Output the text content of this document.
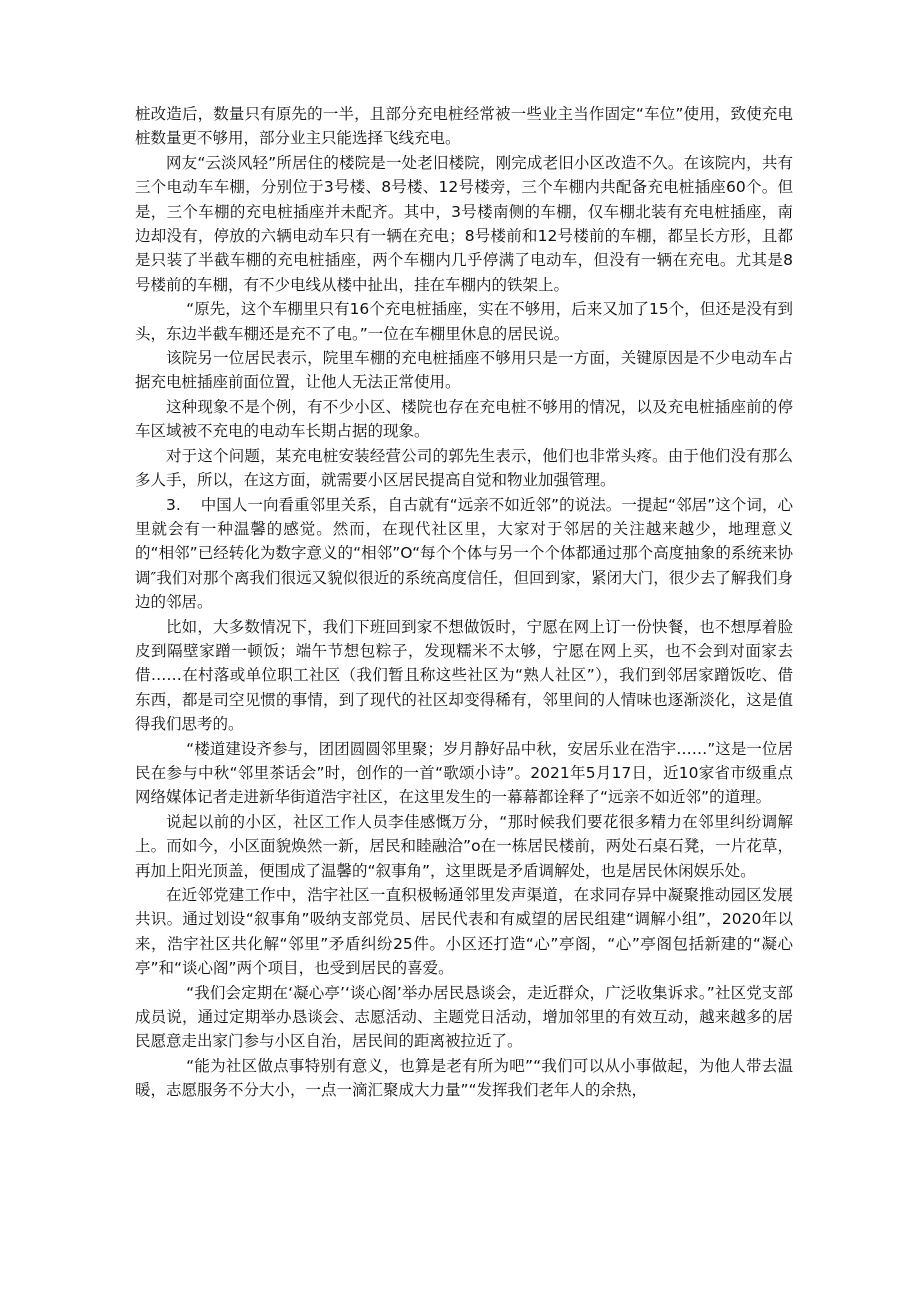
桩改造后，数量只有原先的一半，且部分充电桩经常被一些业主当作固定“车位”使用，致使充电桩数量更不够用，部分业主只能选择飞线充电。

网友“云淡风轻”所居住的楼院是一处老旧楼院，刚完成老旧小区改造不久。在该院内，共有三个电动车车棚，分别位于3号楼、8号楼、12号楼旁，三个车棚内共配备充电桩插座60个。但是，三个车棚的充电桩插座并未配齐。其中，3号楼南侧的车棚，仅车棚北装有充电桩插座，南边却没有，停放的六辆电动车只有一辆在充电；8号楼前和12号楼前的车棚，都呈长方形，且都是只装了半截车棚的充电桩插座，两个车棚内几乎停满了电动车，但没有一辆在充电。尤其是8号楼前的车棚，有不少电线从楼中扯出，挂在车棚内的铁架上。

“原先，这个车棚里只有16个充电桩插座，实在不够用，后来又加了15个，但还是没有到头，东边半截车棚还是充不了电。”一位在车棚里休息的居民说。

该院另一位居民表示，院里车棚的充电桩插座不够用只是一方面，关键原因是不少电动车占据充电桩插座前面位置，让他人无法正常使用。

这种现象不是个例，有不少小区、楼院也存在充电桩不够用的情况，以及充电桩插座前的停车区域被不充电的电动车长期占据的现象。

对于这个问题，某充电桩安装经营公司的郭先生表示，他们也非常头疼。由于他们没有那么多人手，所以，在这方面，就需要小区居民提高自觉和物业加强管理。

3.    中国人一向看重邻里关系，自古就有“远亲不如近邻”的说法。一提起“邻居”这个词，心里就会有一种温馨的感觉。然而，在现代社区里，大家对于邻居的关注越来越少，地理意义的“相邻”已经转化为数字意义的“相邻”O“每个个体与另一个个体都通过那个高度抽象的系统来协调″我们对那个离我们很远又貌似很近的系统高度信任，但回到家，紧闭大门，很少去了解我们身边的邻居。

比如，大多数情况下，我们下班回到家不想做饭时，宁愿在网上订一份快餐，也不想厚着脸皮到隔壁家蹭一顿饭；端午节想包粽子，发现糯米不太够，宁愿在网上买，也不会到对面家去借……在村落或单位职工社区（我们暂且称这些社区为“熟人社区”），我们到邻居家蹭饭吃、借东西，都是司空见惯的事情，到了现代的社区却变得稀有，邻里间的人情味也逐渐淡化，这是值得我们思考的。

“楼道建设齐参与，团团圆圆邻里聚；岁月静好品中秋，安居乐业在浩宇……”这是一位居民在参与中秋“邻里茶话会”时，创作的一首“歌颂小诗”。2021年5月17日，近10家省市级重点网络媒体记者走进新华街道浩宇社区，在这里发生的一幕幕都诠释了“远亲不如近邻”的道理。

说起以前的小区，社区工作人员李佳感慨万分，“那时候我们要花很多精力在邻里纠纷调解上。而如今，小区面貌焕然一新，居民和睦融洽”o在一栋居民楼前，两处石桌石凳，一片花草，再加上阳光顶盖，便围成了温馨的“叙事角”，这里既是矛盾调解处，也是居民休闲娱乐处。

在近邻党建工作中，浩宇社区一直积极畅通邻里发声渠道，在求同存异中凝聚推动园区发展共识。通过划设“叙事角”吸纳支部党员、居民代表和有威望的居民组建“调解小组”，2020年以来，浩宇社区共化解“邻里”矛盾纠纷25件。小区还打造“心”亭阁，“心”亭阁包括新建的“凝心亭”和“谈心阁”两个项目，也受到居民的喜爱。

“我们会定期在‘凝心亭’‘谈心阁’举办居民恳谈会，走近群众，广泛收集诉求。”社区党支部成员说，通过定期举办恳谈会、志愿活动、主题党日活动，增加邻里的有效互动，越来越多的居民愿意走出家门参与小区自治，居民间的距离被拉近了。

“能为社区做点事特别有意义，也算是老有所为吧”“我们可以从小事做起，为他人带去温暖，志愿服务不分大小，一点一滴汇聚成大力量”“发挥我们老年人的余热，
